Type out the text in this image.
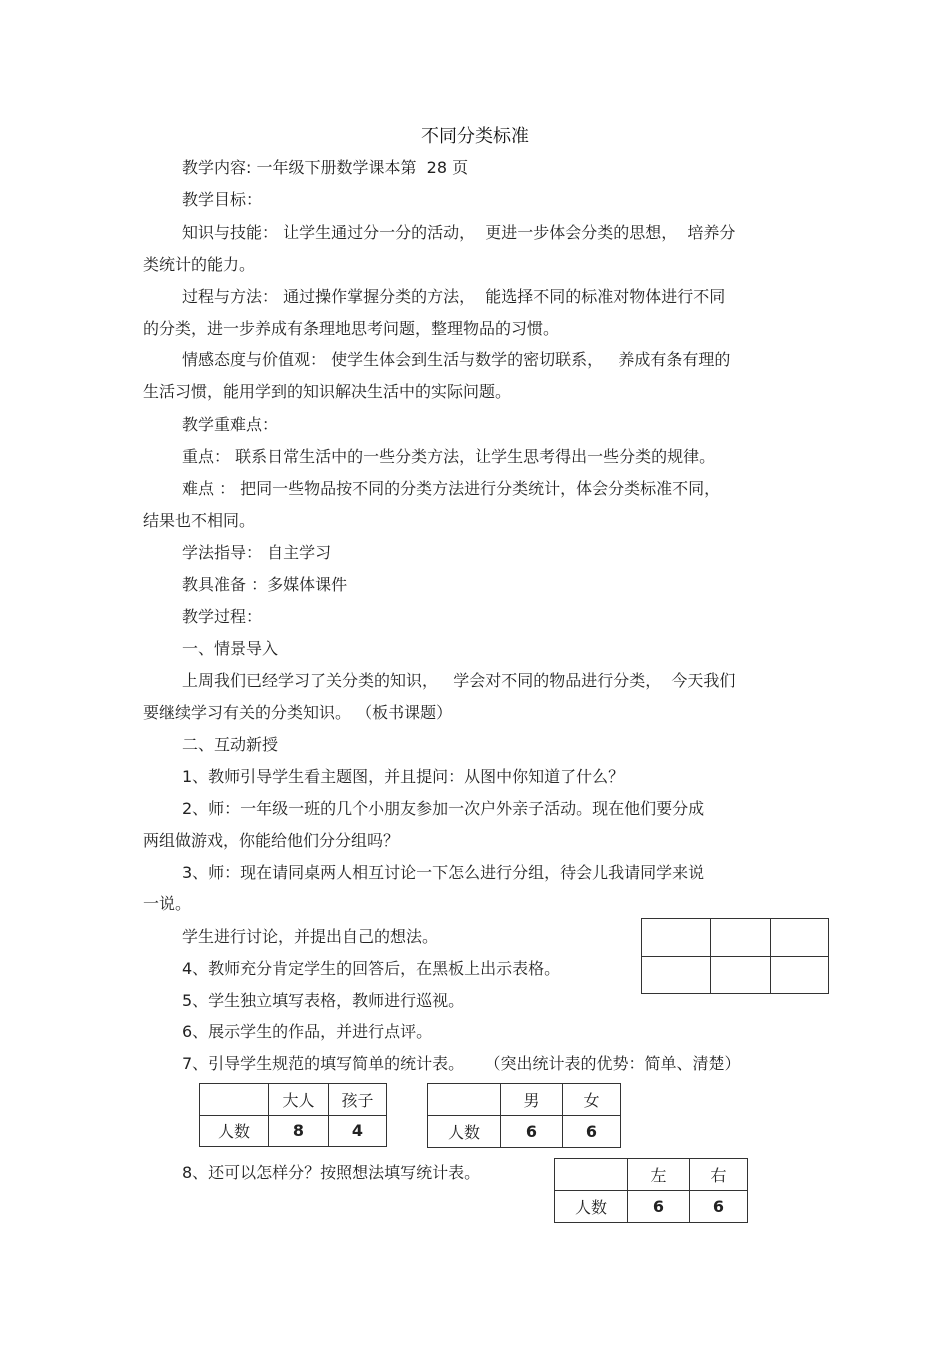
不同分类标准
教学内容: 一年级下册数学课本第  28 页
教学目标：
知识与技能： 让学生通过分一分的活动，  更进一步体会分类的思想，  培养分
类统计的能力。
过程与方法： 通过操作掌握分类的方法，  能选择不同的标准对物体进行不同
的分类，进一步养成有条理地思考问题，整理物品的习惯。
情感态度与价值观： 使学生体会到生活与数学的密切联系，   养成有条有理的
生活习惯，能用学到的知识解决生活中的实际问题。
教学重难点：
重点： 联系日常生活中的一些分类方法，让学生思考得出一些分类的规律。
难点 ： 把同一些物品按不同的分类方法进行分类统计，体会分类标准不同，
结果也不相同。
学法指导： 自主学习
教具准备 ：多媒体课件
教学过程：
一、情景导入
上周我们已经学习了关分类的知识，   学会对不同的物品进行分类，  今天我们
要继续学习有关的分类知识。 （板书课题）
二、互动新授
1、教师引导学生看主题图，并且提问：从图中你知道了什么？
2、师：一年级一班的几个小朋友参加一次户外亲子活动。现在他们要分成
两组做游戏，你能给他们分分组吗？
3、师：现在请同桌两人相互讨论一下怎么进行分组，待会儿我请同学来说
一说。
学生进行讨论，并提出自己的想法。
4、教师充分肯定学生的回答后，在黑板上出示表格。
5、学生独立填写表格，教师进行巡视。
6、展示学生的作品，并进行点评。
7、引导学生规范的填写简单的统计表。    （突出统计表的优势：简单、清楚）
8、还可以怎样分？按照想法填写统计表。

	大人	孩子
人数	8	4
	男	女
人数	6	6
	左	右
人数	6	6
